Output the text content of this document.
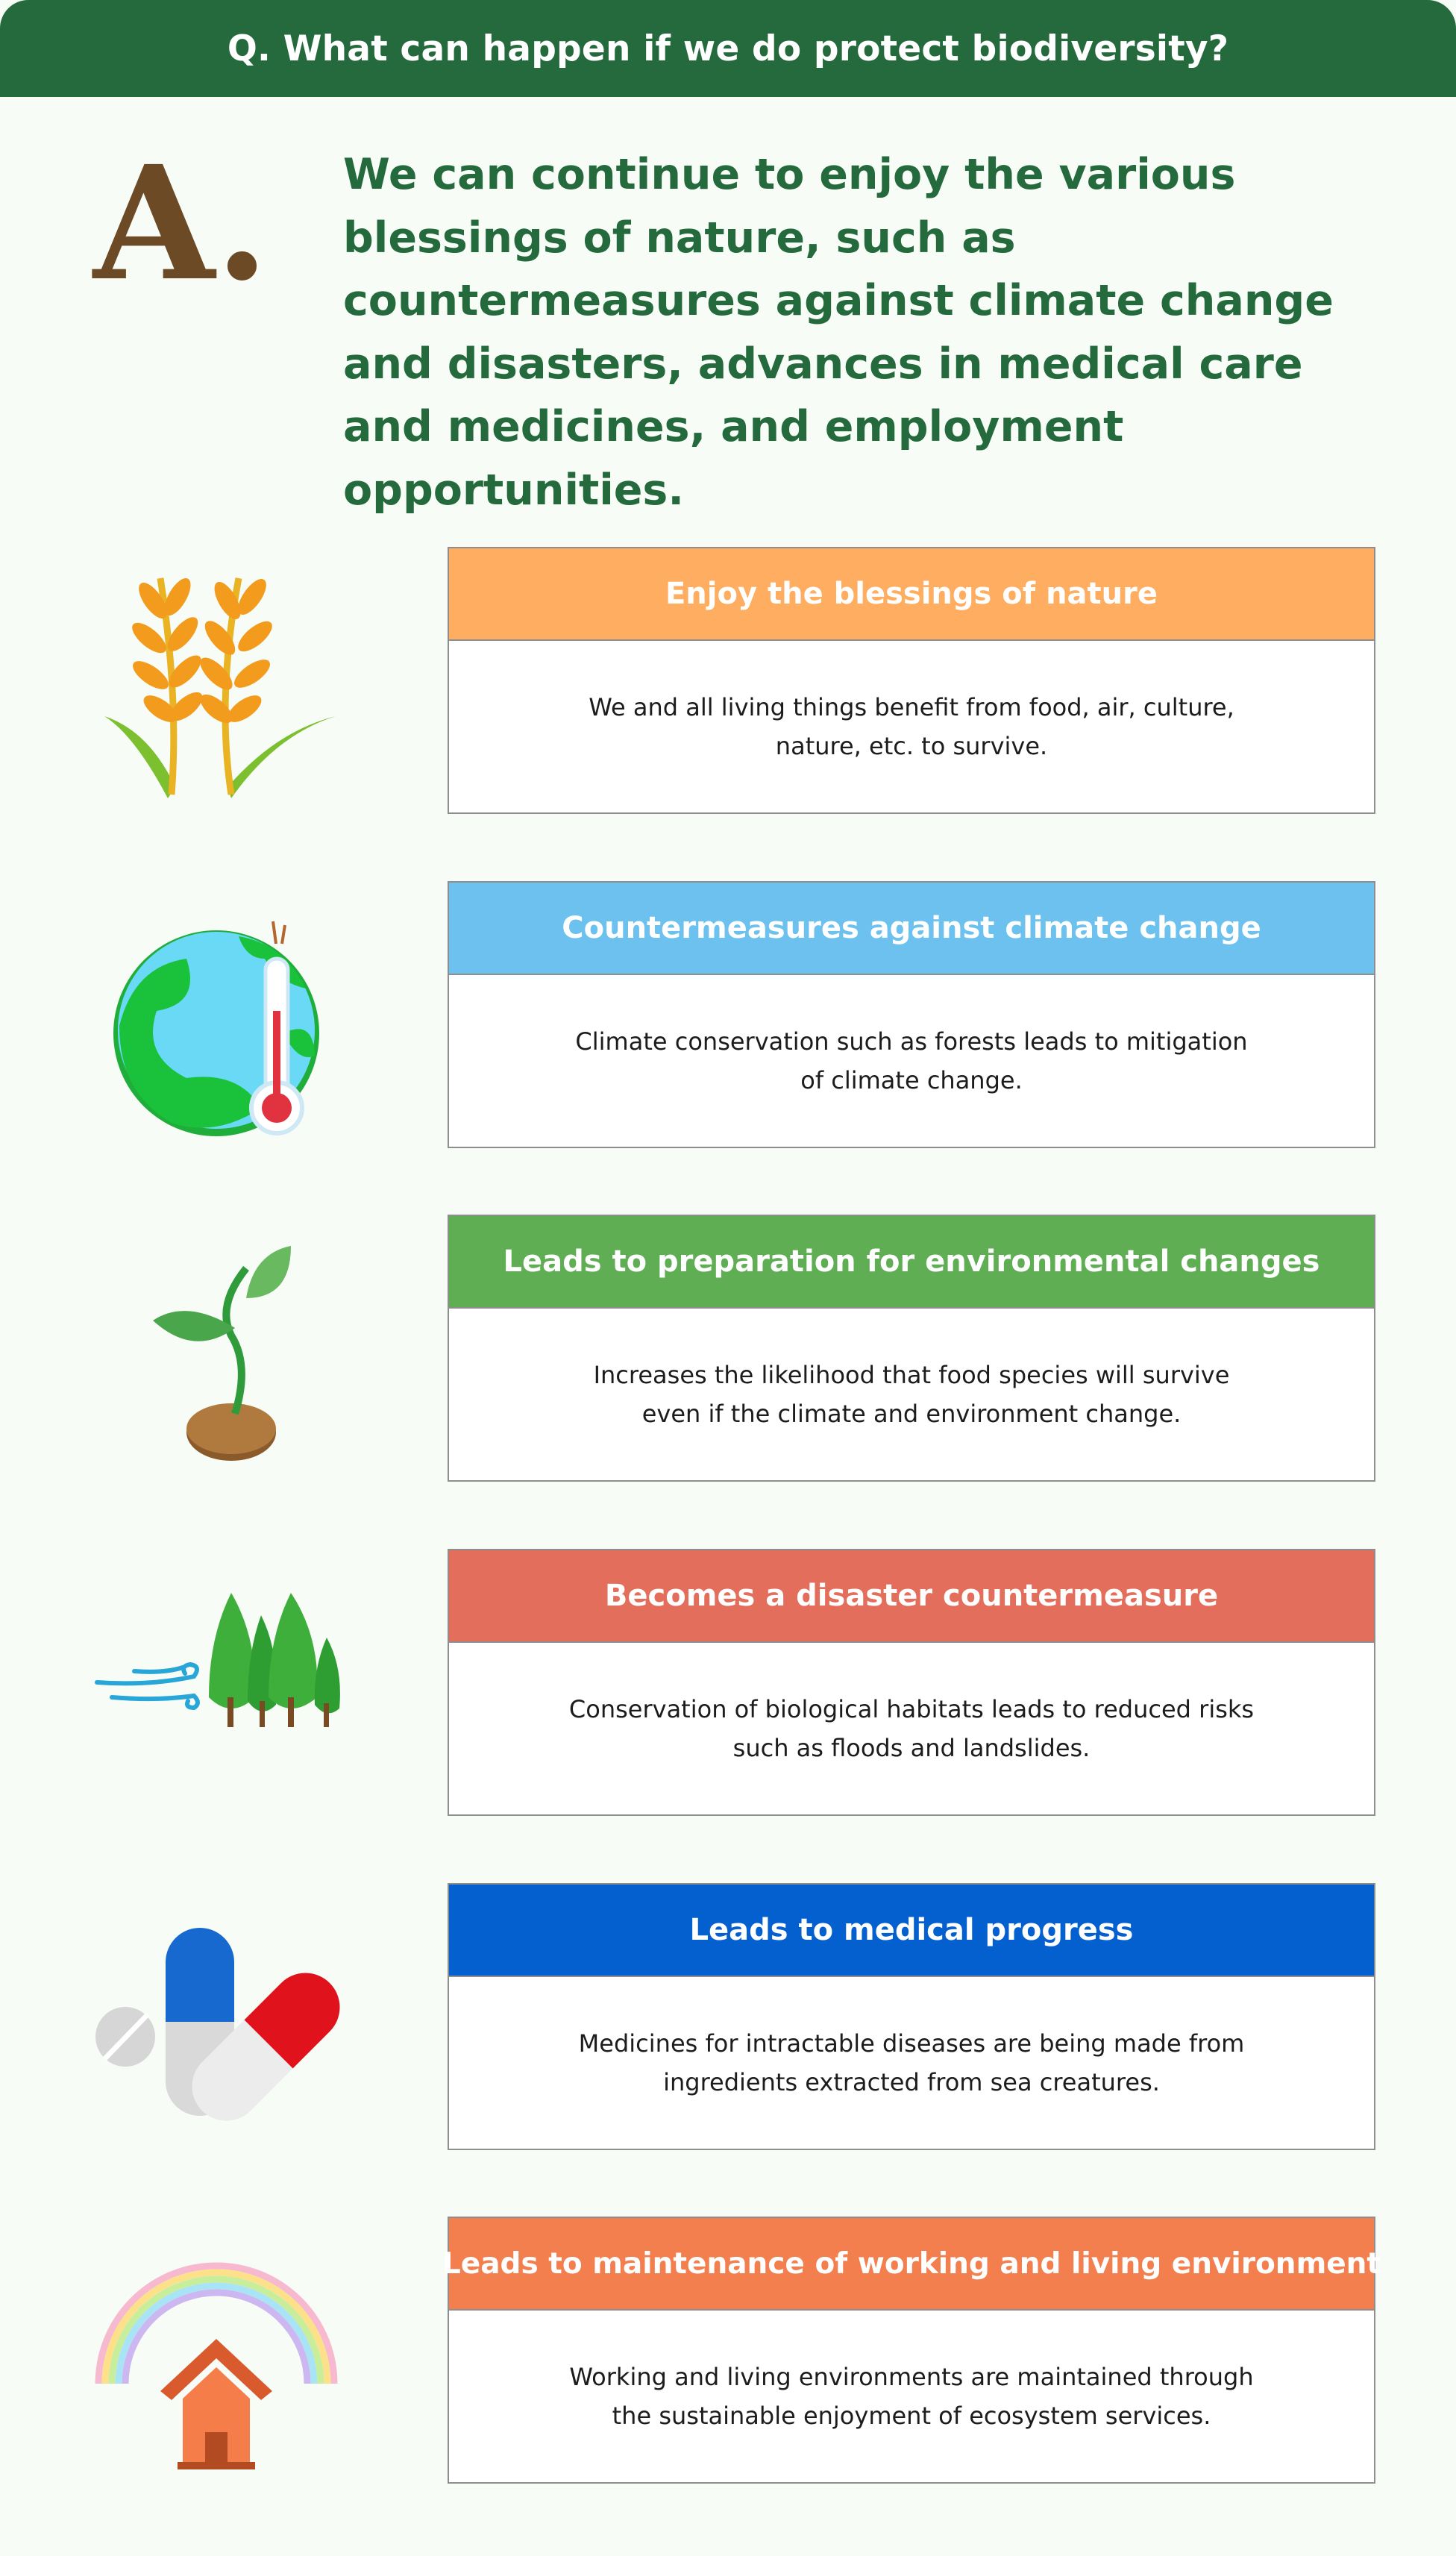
Q. What can happen if we do protect biodiversity?
A. We can continue to enjoy the various blessings of nature, such as countermeasures against climate change and disasters, advances in medical care and medicines, and employment opportunities.

Enjoy the blessings of nature
We and all living things benefit from food, air, culture, nature, etc. to survive.
Countermeasures against climate change
Climate conservation such as forests leads to mitigation of climate change.
Leads to preparation for environmental changes
Increases the likelihood that food species will survive even if the climate and environment change.
Becomes a disaster countermeasure
Conservation of biological habitats leads to reduced risks such as floods and landslides.
Leads to medical progress
Medicines for intractable diseases are being made from ingredients extracted from sea creatures.
Leads to maintenance of working and living environment
Working and living environments are maintained through the sustainable enjoyment of ecosystem services.
